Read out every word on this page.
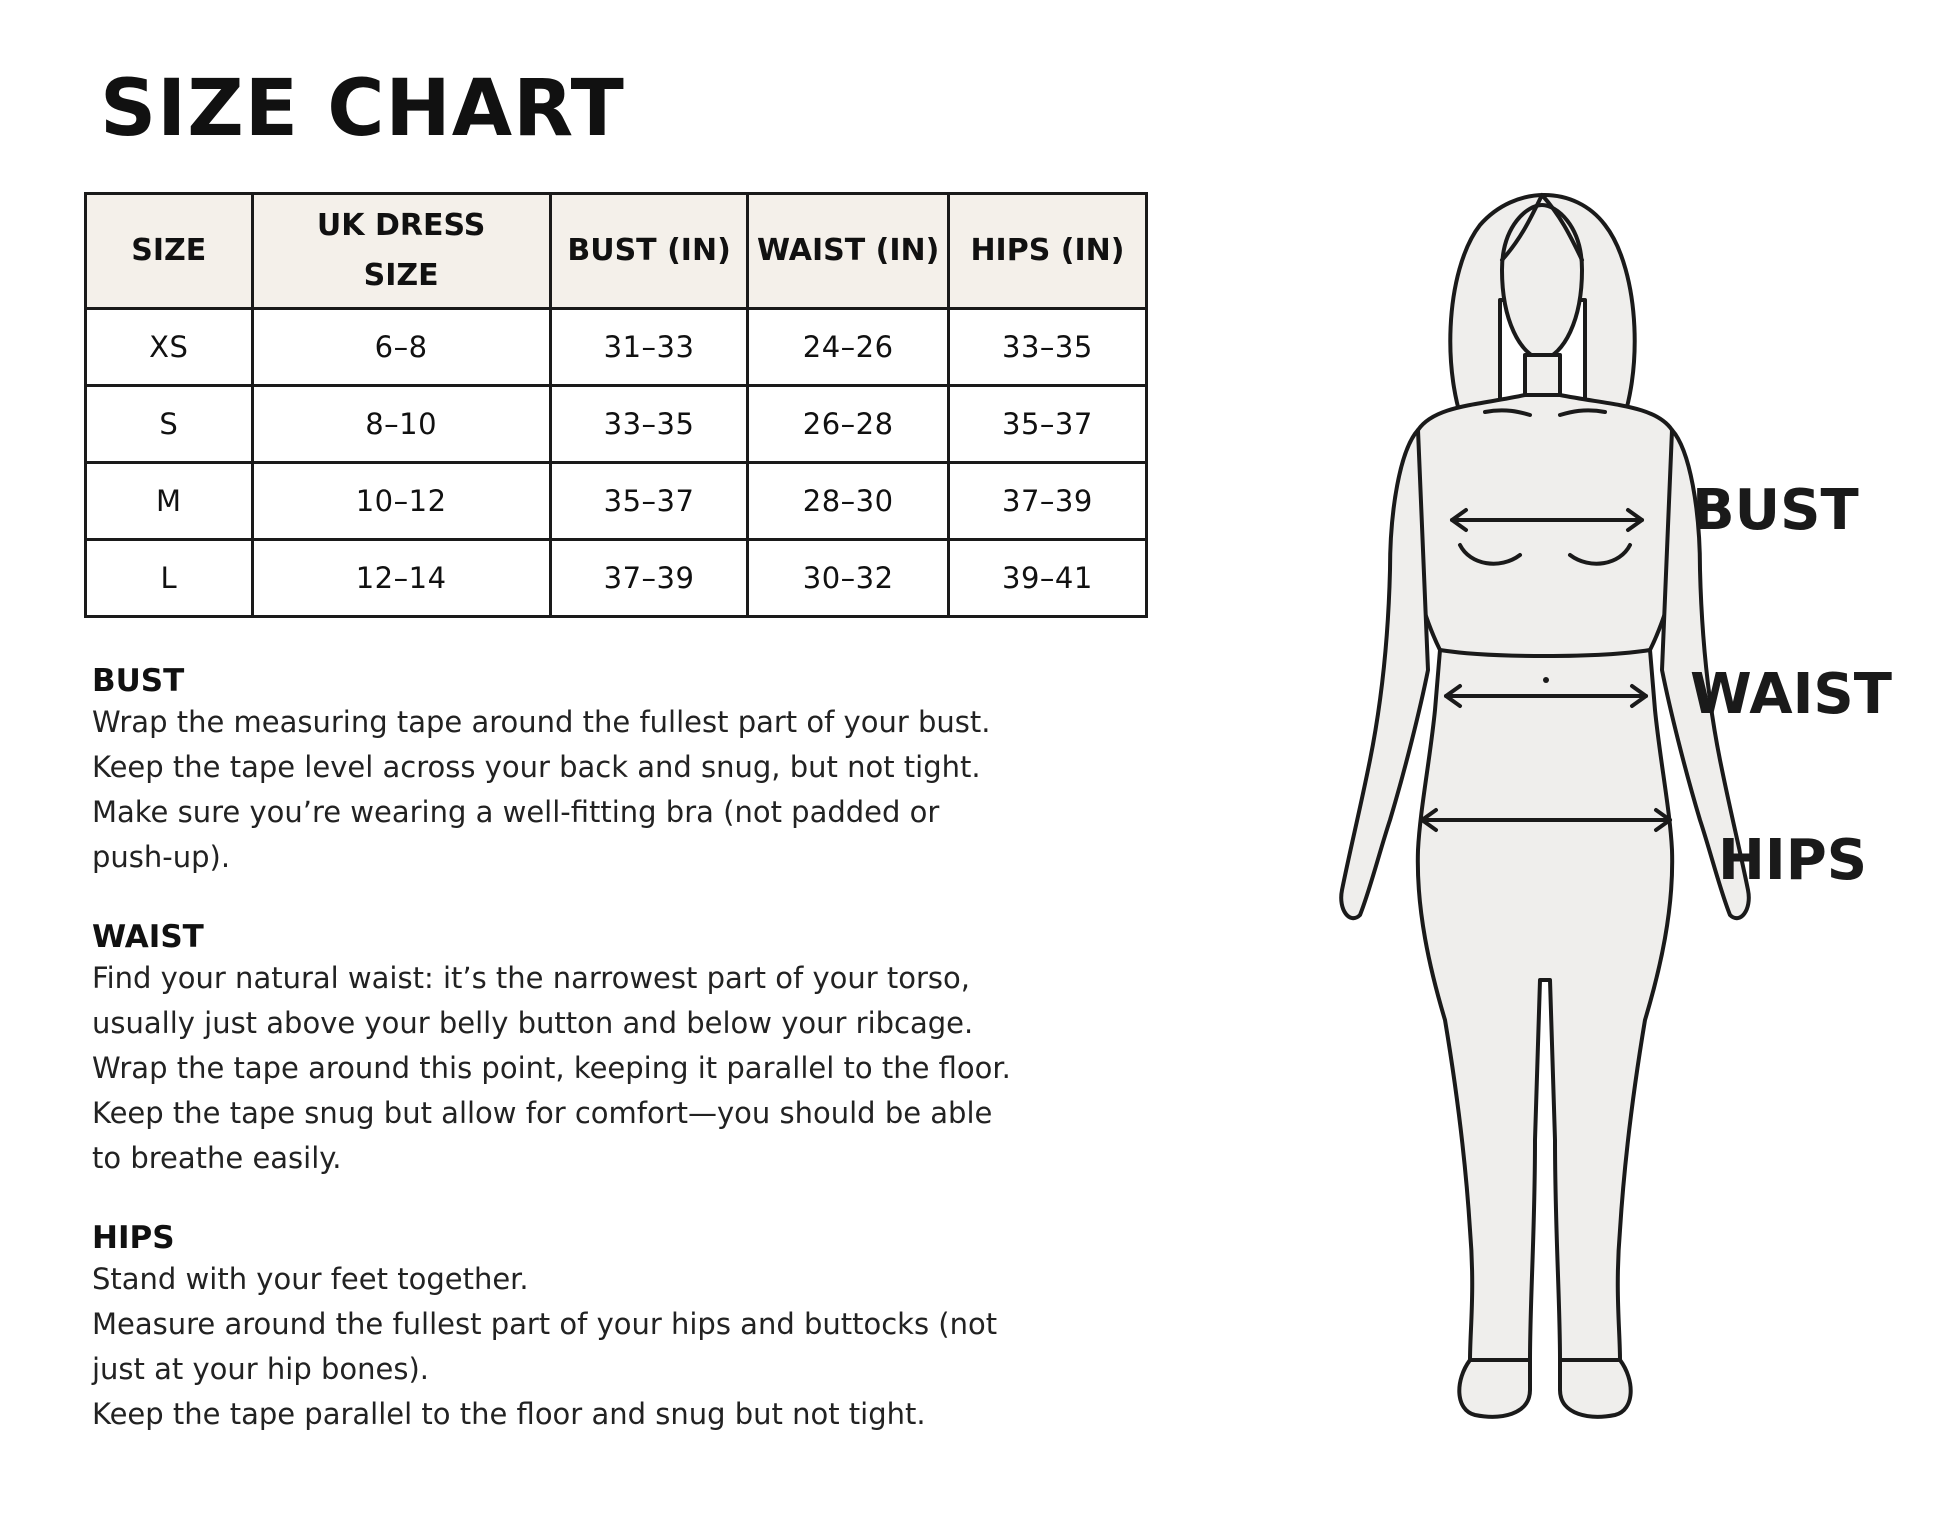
SIZE CHART
SIZE	UK DRESS SIZE	BUST (IN)	WAIST (IN)	HIPS (IN)
XS	6–8	31–33	24–26	33–35
S	8–10	33–35	26–28	35–37
M	10–12	35–37	28–30	37–39
L	12–14	37–39	30–32	39–41
BUST

Wrap the measuring tape around the fullest part of your bust.

Keep the tape level across your back and snug, but not tight.

Make sure you’re wearing a well-fitting bra (not padded or

push-up).

WAIST

Find your natural waist: it’s the narrowest part of your torso,

usually just above your belly button and below your ribcage.

Wrap the tape around this point, keeping it parallel to the floor.

Keep the tape snug but allow for comfort—you should be able

to breathe easily.

HIPS

Stand with your feet together.

Measure around the fullest part of your hips and buttocks (not

just at your hip bones).

Keep the tape parallel to the floor and snug but not tight.

BUST
WAIST
HIPS
